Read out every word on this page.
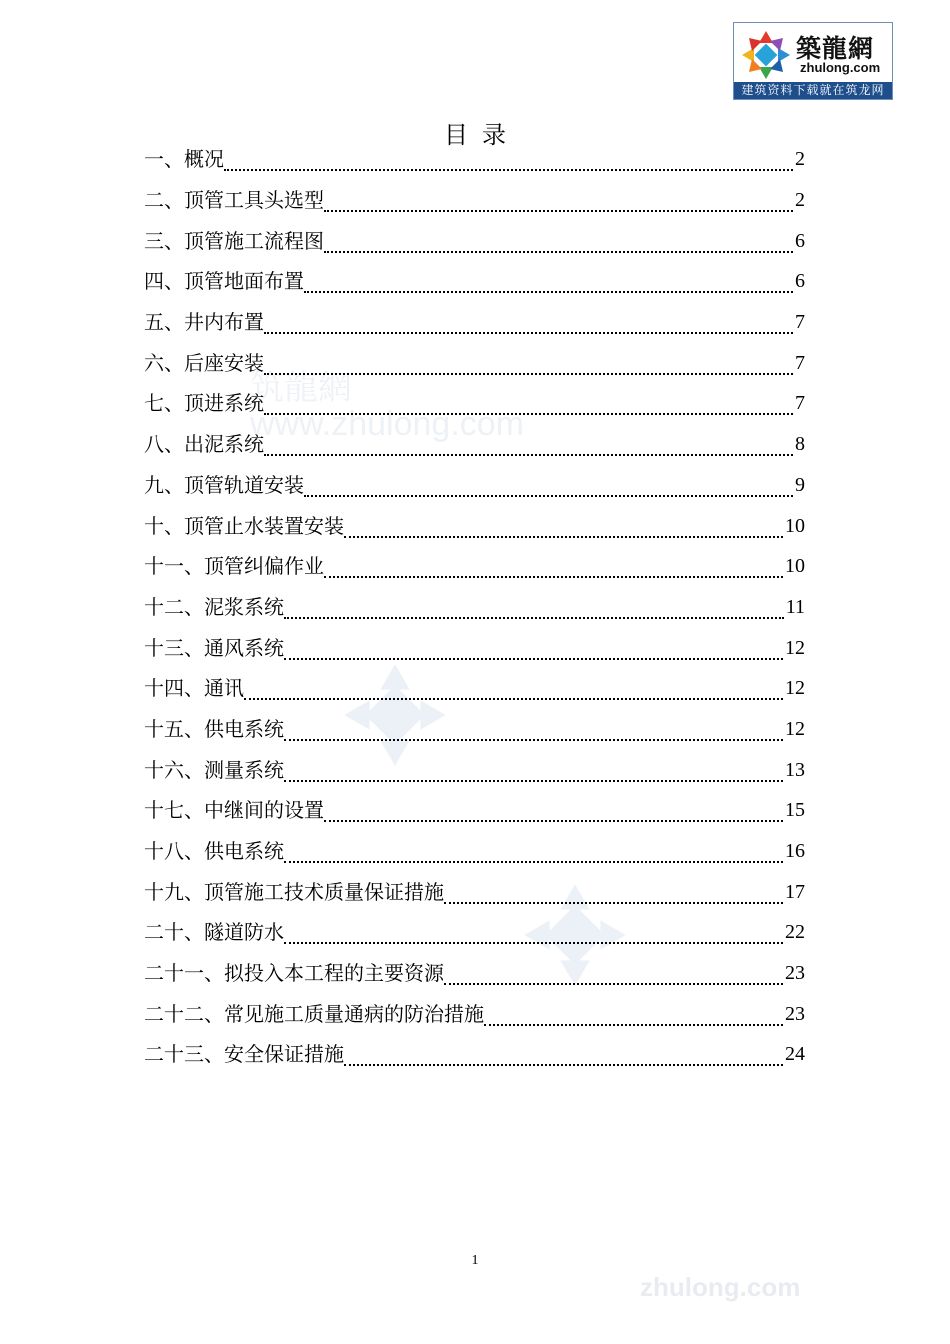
築龍網
zhulong.com
建筑资料下载就在筑龙网
筑龍網
www.zhulong.com
目录
一、概况	2
二、顶管工具头选型	2
三、顶管施工流程图	6
四、顶管地面布置	6
五、井内布置	7
六、后座安装	7
七、顶进系统	7
八、出泥系统	8
九、顶管轨道安装	9
十、顶管止水装置安装	10
十一、顶管纠偏作业	10
十二、泥浆系统	11
十三、通风系统	12
十四、通讯	12
十五、供电系统	12
十六、测量系统	13
十七、中继间的设置	15
十八、供电系统	16
十九、顶管施工技术质量保证措施	17
二十、隧道防水	22
二十一、拟投入本工程的主要资源	23
二十二、常见施工质量通病的防治措施	23
二十三、安全保证措施	24
1
zhulong.com
